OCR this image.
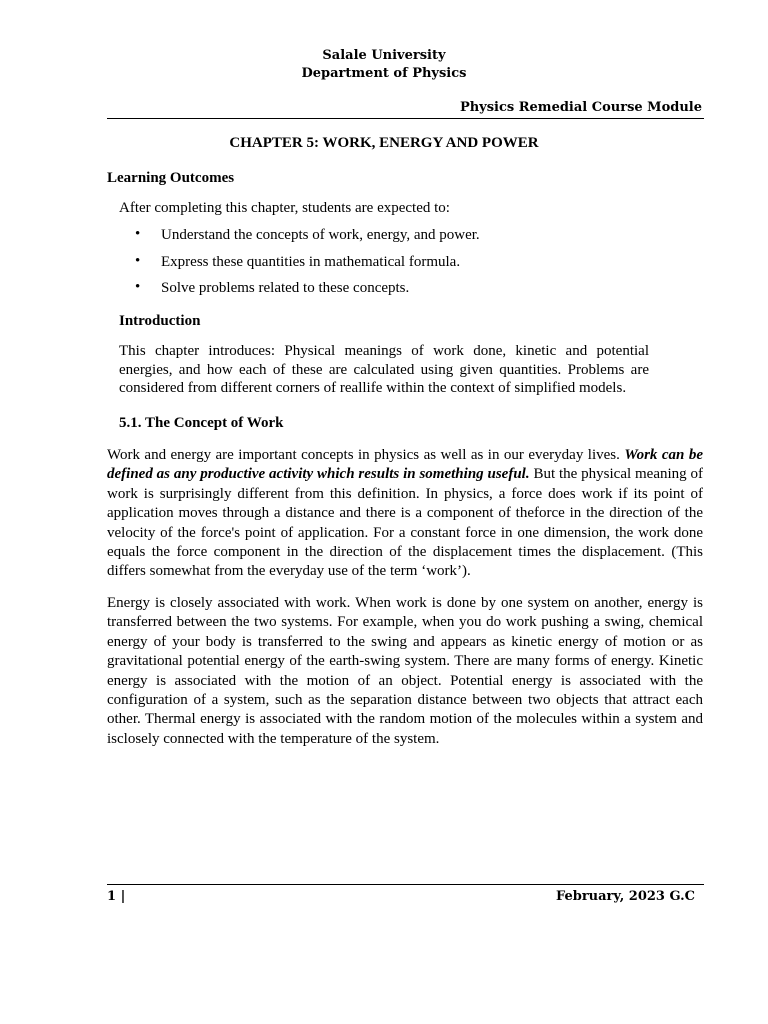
Salale University
Department of Physics
Physics Remedial Course Module
CHAPTER 5: WORK, ENERGY AND POWER
Learning Outcomes
After completing this chapter, students are expected to:
• Understand the concepts of work, energy, and power.
• Express these quantities in mathematical formula.
• Solve problems related to these concepts.
Introduction
This chapter introduces: Physical meanings of work done, kinetic and potential energies, and how each of these are calculated using given quantities. Problems are considered from different corners of reallife within the context of simplified models.
5.1. The Concept of Work
Work and energy are important concepts in physics as well as in our everyday lives. Work can be defined as any productive activity which results in something useful. But the physical meaning of work is surprisingly different from this definition. In physics, a force does work if its point of application moves through a distance and there is a component of theforce in the direction of the velocity of the force's point of application. For a constant force in one dimension, the work done equals the force component in the direction of the displacement times the displacement. (This differs somewhat from the everyday use of the term ‘work’).
Energy is closely associated with work. When work is done by one system on another, energy is transferred between the two systems. For example, when you do work pushing a swing, chemical energy of your body is transferred to the swing and appears as kinetic energy of motion or as gravitational potential energy of the earth-swing system. There are many forms of energy. Kinetic energy is associated with the motion of an object. Potential energy is associated with the configuration of a system, such as the separation distance between two objects that attract each other. Thermal energy is associated with the random motion of the molecules within a system and isclosely connected with the temperature of the system.
1 |	February, 2023 G.C
